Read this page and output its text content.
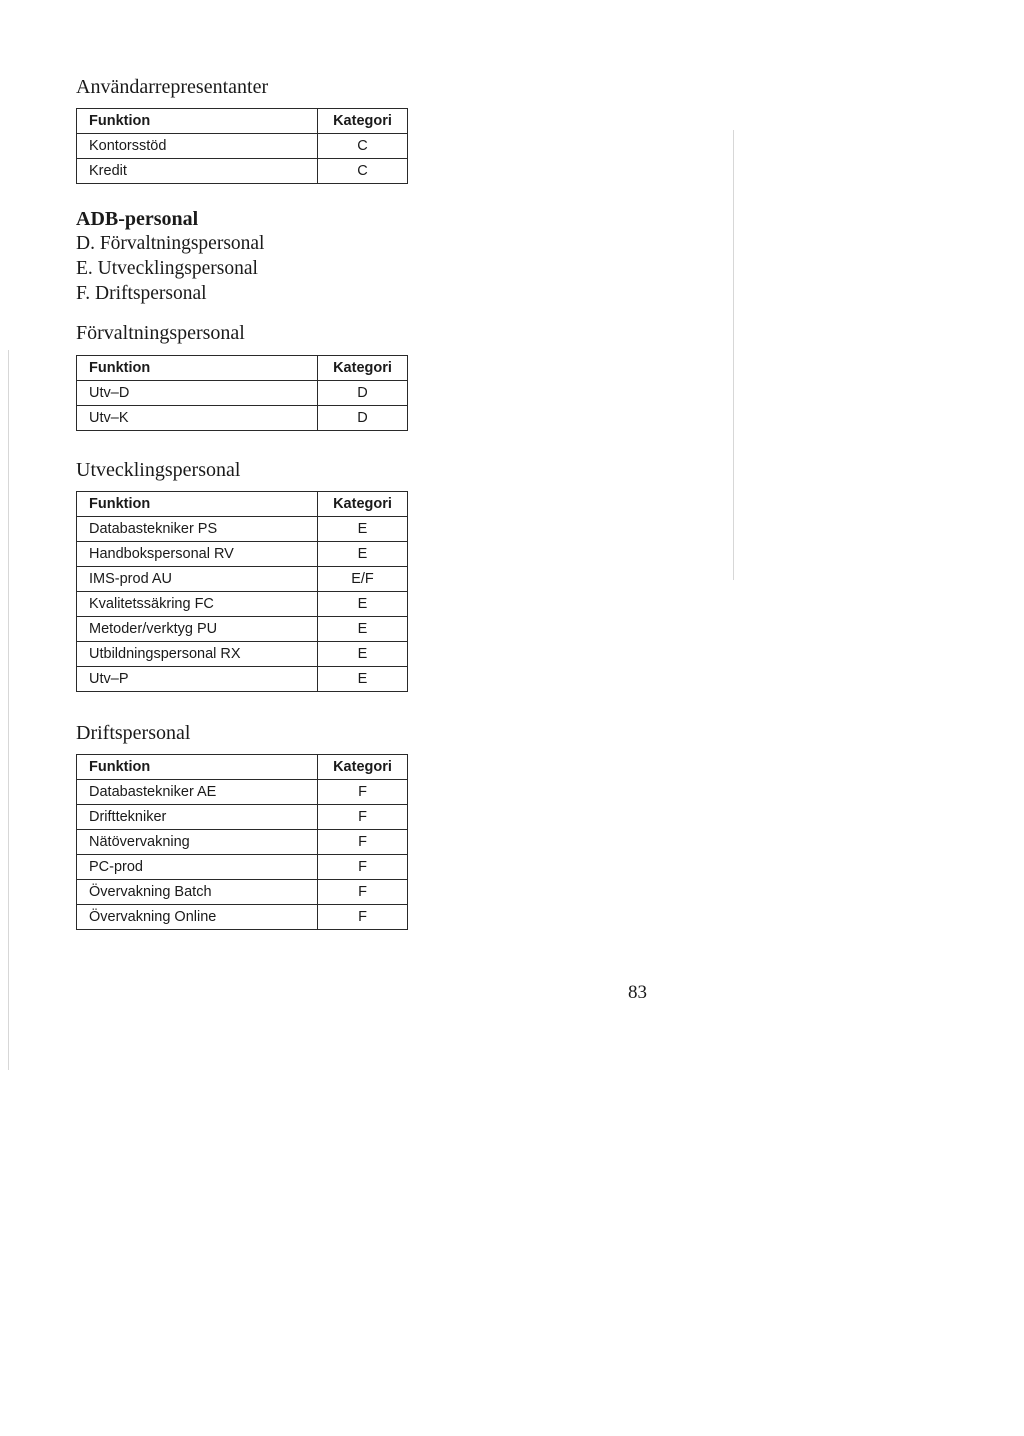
Användarrepresentanter
Funktion	Kategori
Kontorsstöd	C
Kredit	C
ADB-personal
D. Förvaltningspersonal
E. Utvecklingspersonal
F. Driftspersonal
Förvaltningspersonal
Funktion	Kategori
Utv–D	D
Utv–K	D
Utvecklingspersonal
Funktion	Kategori
Databastekniker PS	E
Handbokspersonal RV	E
IMS-prod AU	E/F
Kvalitetssäkring FC	E
Metoder/verktyg PU	E
Utbildningspersonal RX	E
Utv–P	E
Driftspersonal
Funktion	Kategori
Databastekniker AE	F
Drifttekniker	F
Nätövervakning	F
PC-prod	F
Övervakning Batch	F
Övervakning Online	F
83
